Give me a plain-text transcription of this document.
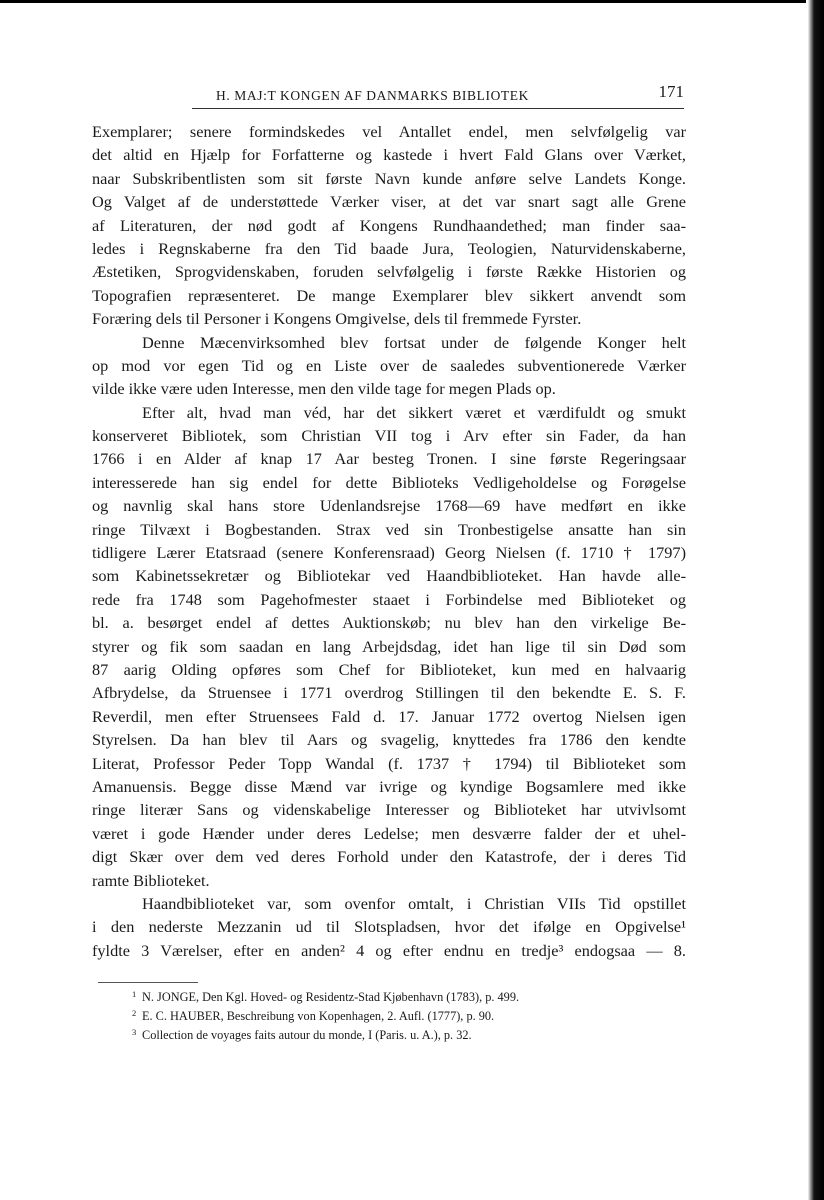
H. MAJ:T KONGEN AF DANMARKS BIBLIOTEK	171
Exemplarer; senere formindskedes vel Antallet endel, men selvfølgelig var
det altid en Hjælp for Forfatterne og kastede i hvert Fald Glans over Værket,
naar Subskribentlisten som sit første Navn kunde anføre selve Landets Konge.
Og Valget af de understøttede Værker viser, at det var snart sagt alle Grene
af Literaturen, der nød godt af Kongens Rundhaandethed; man finder saa-
ledes i Regnskaberne fra den Tid baade Jura, Teologien, Naturvidenskaberne,
Æstetiken, Sprogvidenskaben, foruden selvfølgelig i første Række Historien og
Topografien repræsenteret. De mange Exemplarer blev sikkert anvendt som
Foræring dels til Personer i Kongens Omgivelse, dels til fremmede Fyrster.
Denne Mæcenvirksomhed blev fortsat under de følgende Konger helt
op mod vor egen Tid og en Liste over de saaledes subventionerede Værker
vilde ikke være uden Interesse, men den vilde tage for megen Plads op.
Efter alt, hvad man véd, har det sikkert været et værdifuldt og smukt
konserveret Bibliotek, som Christian VII tog i Arv efter sin Fader, da han
1766 i en Alder af knap 17 Aar besteg Tronen. I sine første Regeringsaar
interesserede han sig endel for dette Biblioteks Vedligeholdelse og Forøgelse
og navnlig skal hans store Udenlandsrejse 1768—69 have medført en ikke
ringe Tilvæxt i Bogbestanden. Strax ved sin Tronbestigelse ansatte han sin
tidligere Lærer Etatsraad (senere Konferensraad) Georg Nielsen (f. 1710 † 1797)
som Kabinetssekretær og Bibliotekar ved Haandbiblioteket. Han havde alle-
rede fra 1748 som Pagehofmester staaet i Forbindelse med Biblioteket og
bl. a. besørget endel af dettes Auktionskøb; nu blev han den virkelige Be-
styrer og fik som saadan en lang Arbejdsdag, idet han lige til sin Død som
87 aarig Olding opføres som Chef for Biblioteket, kun med en halvaarig
Afbrydelse, da Struensee i 1771 overdrog Stillingen til den bekendte E. S. F.
Reverdil, men efter Struensees Fald d. 17. Januar 1772 overtog Nielsen igen
Styrelsen. Da han blev til Aars og svagelig, knyttedes fra 1786 den kendte
Literat, Professor Peder Topp Wandal (f. 1737 † 1794) til Biblioteket som
Amanuensis. Begge disse Mænd var ivrige og kyndige Bogsamlere med ikke
ringe literær Sans og videnskabelige Interesser og Biblioteket har utvivlsomt
været i gode Hænder under deres Ledelse; men desværre falder der et uhel-
digt Skær over dem ved deres Forhold under den Katastrofe, der i deres Tid
ramte Biblioteket.
Haandbiblioteket var, som ovenfor omtalt, i Christian VIIs Tid opstillet
i den nederste Mezzanin ud til Slotspladsen, hvor det ifølge en Opgivelse¹
fyldte 3 Værelser, efter en anden² 4 og efter endnu en tredje³ endogsaa — 8.
1 N. JONGE, Den Kgl. Hoved- og Residentz-Stad Kjøbenhavn (1783), p. 499.
2 E. C. HAUBER, Beschreibung von Kopenhagen, 2. Aufl. (1777), p. 90.
3 Collection de voyages faits autour du monde, I (Paris. u. A.), p. 32.
